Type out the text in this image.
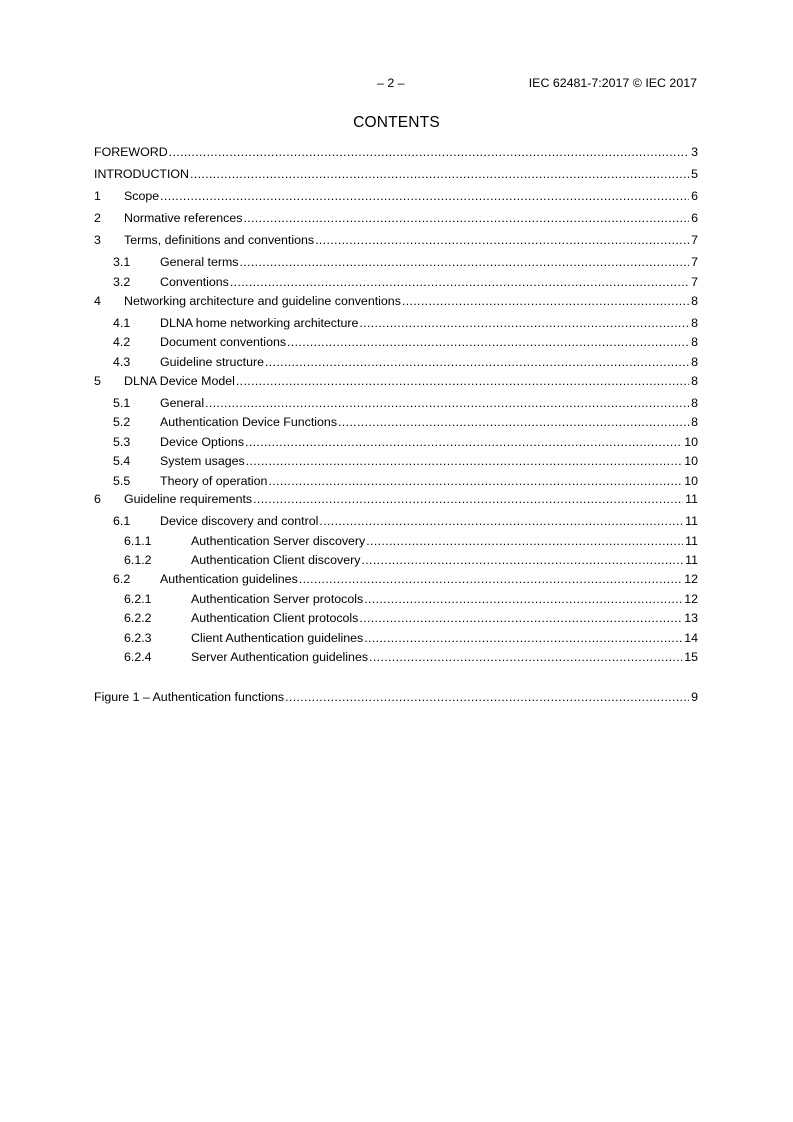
– 2 –	IEC 62481-7:2017 © IEC 2017
CONTENTS
FOREWORD .....	3
INTRODUCTION .....	5
1	Scope .....	6
2	Normative references .....	6
3	Terms, definitions and conventions .....	7
3.1	General terms .....	7
3.2	Conventions .....	7
4	Networking architecture and guideline conventions .....	8
4.1	DLNA home networking architecture .....	8
4.2	Document conventions .....	8
4.3	Guideline structure .....	8
5	DLNA Device Model .....	8
5.1	General .....	8
5.2	Authentication Device Functions .....	8
5.3	Device Options .....	10
5.4	System usages .....	10
5.5	Theory of operation .....	10
6	Guideline requirements .....	11
6.1	Device discovery and control .....	11
6.1.1	Authentication Server discovery .....	11
6.1.2	Authentication Client discovery .....	11
6.2	Authentication guidelines .....	12
6.2.1	Authentication Server protocols .....	12
6.2.2	Authentication Client protocols .....	13
6.2.3	Client Authentication guidelines .....	14
6.2.4	Server Authentication guidelines .....	15
Figure 1 – Authentication functions .....	9
